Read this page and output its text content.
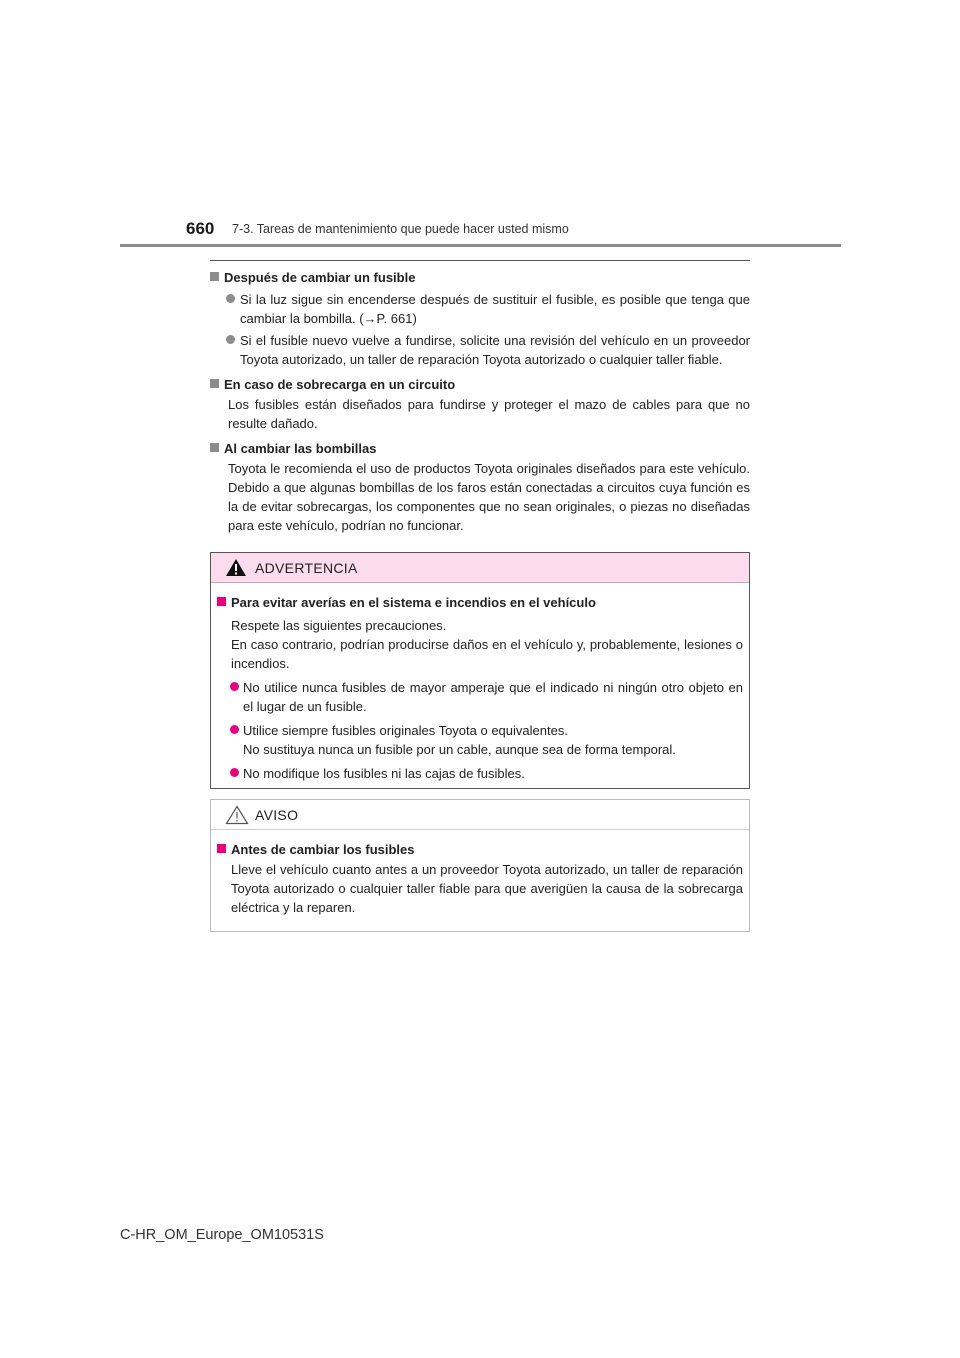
660 7-3. Tareas de mantenimiento que puede hacer usted mismo

Después de cambiar un fusible

Si la luz sigue sin encenderse después de sustituir el fusible, es posible que tenga que cambiar la bombilla. (→P. 661)

Si el fusible nuevo vuelve a fundirse, solicite una revisión del vehículo en un proveedor Toyota autorizado, un taller de reparación Toyota autorizado o cualquier taller fiable.

En caso de sobrecarga en un circuito

Los fusibles están diseñados para fundirse y proteger el mazo de cables para que no resulte dañado.

Al cambiar las bombillas

Toyota le recomienda el uso de productos Toyota originales diseñados para este vehículo. Debido a que algunas bombillas de los faros están conectadas a circuitos cuya función es la de evitar sobrecargas, los componentes que no sean originales, o piezas no diseñadas para este vehículo, podrían no funcionar.

ADVERTENCIA

Para evitar averías en el sistema e incendios en el vehículo

Respete las siguientes precauciones.
En caso contrario, podrían producirse daños en el vehículo y, probablemente, lesiones o incendios.

No utilice nunca fusibles de mayor amperaje que el indicado ni ningún otro objeto en el lugar de un fusible.

Utilice siempre fusibles originales Toyota o equivalentes.
No sustituya nunca un fusible por un cable, aunque sea de forma temporal.

No modifique los fusibles ni las cajas de fusibles.

AVISO

Antes de cambiar los fusibles

Lleve el vehículo cuanto antes a un proveedor Toyota autorizado, un taller de reparación Toyota autorizado o cualquier taller fiable para que averigüen la causa de la sobrecarga eléctrica y la reparen.

C-HR_OM_Europe_OM10531S
